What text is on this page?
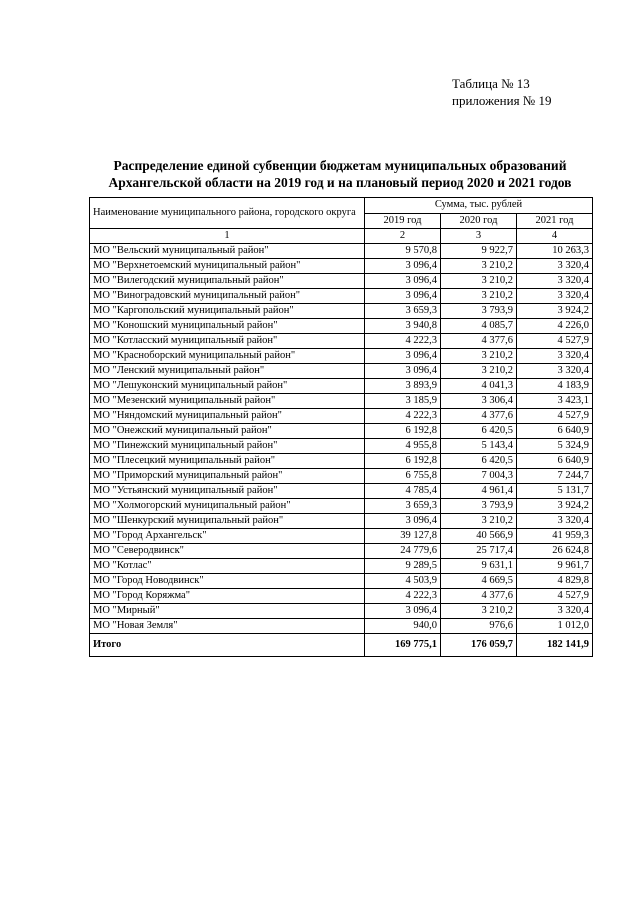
Таблица № 13
приложения № 19
Распределение единой субвенции бюджетам муниципальных образований
Архангельской области на 2019 год и на плановый период 2020 и 2021 годов
Наименование муниципального района, городского округа	Сумма, тыс. рублей		
	2019 год	2020 год	2021 год
1	2	3	4
МО "Вельский муниципальный район"	9 570,8	9 922,7	10 263,3
МО "Верхнетоемский муниципальный район"	3 096,4	3 210,2	3 320,4
МО "Вилегодский муниципальный район"	3 096,4	3 210,2	3 320,4
МО "Виноградовский муниципальный район"	3 096,4	3 210,2	3 320,4
МО "Каргопольский муниципальный район"	3 659,3	3 793,9	3 924,2
МО "Коношский муниципальный район"	3 940,8	4 085,7	4 226,0
МО "Котласский муниципальный район"	4 222,3	4 377,6	4 527,9
МО "Красноборский муниципальный район"	3 096,4	3 210,2	3 320,4
МО "Ленский муниципальный район"	3 096,4	3 210,2	3 320,4
МО "Лешуконский муниципальный район"	3 893,9	4 041,3	4 183,9
МО "Мезенский муниципальный район"	3 185,9	3 306,4	3 423,1
МО "Няндомский муниципальный район"	4 222,3	4 377,6	4 527,9
МО "Онежский муниципальный район"	6 192,8	6 420,5	6 640,9
МО "Пинежский муниципальный район"	4 955,8	5 143,4	5 324,9
МО "Плесецкий муниципальный район"	6 192,8	6 420,5	6 640,9
МО "Приморский муниципальный район"	6 755,8	7 004,3	7 244,7
МО "Устьянский муниципальный район"	4 785,4	4 961,4	5 131,7
МО "Холмогорский муниципальный район"	3 659,3	3 793,9	3 924,2
МО "Шенкурский муниципальный район"	3 096,4	3 210,2	3 320,4
МО "Город Архангельск"	39 127,8	40 566,9	41 959,3
МО "Северодвинск"	24 779,6	25 717,4	26 624,8
МО "Котлас"	9 289,5	9 631,1	9 961,7
МО "Город Новодвинск"	4 503,9	4 669,5	4 829,8
МО "Город Коряжма"	4 222,3	4 377,6	4 527,9
МО "Мирный"	3 096,4	3 210,2	3 320,4
МО "Новая Земля"	940,0	976,6	1 012,0
Итого	169 775,1	176 059,7	182 141,9
